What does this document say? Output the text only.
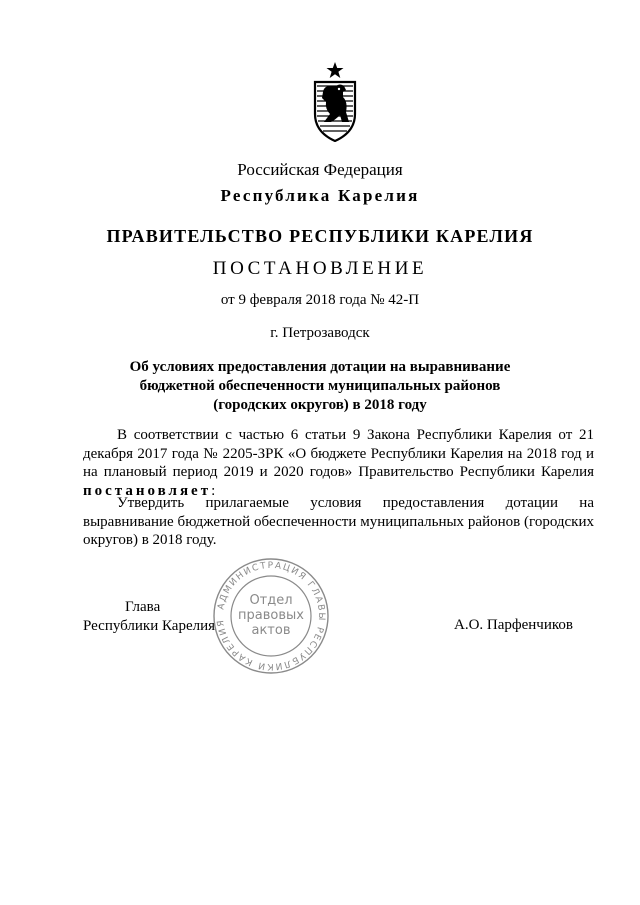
Российская Федерация
Республика Карелия
ПРАВИТЕЛЬСТВО РЕСПУБЛИКИ КАРЕЛИЯ
ПОСТАНОВЛЕНИЕ
от 9 февраля 2018 года № 42-П
г. Петрозаводск
Об условиях предоставления дотации на выравнивание
бюджетной обеспеченности муниципальных районов
(городских округов) в 2018 году
В соответствии с частью 6 статьи 9 Закона Республики Карелия от 21 декабря 2017 года № 2205-ЗРК «О бюджете Республики Карелия на 2018 год и на плановый период 2019 и 2020 годов» Правительство Республики Карелия постановляет:
Утвердить прилагаемые условия предоставления дотации на выравнивание бюджетной обеспеченности муниципальных районов (городских округов) в 2018 году.
Глава
Республики Карелия	А.О. Парфенчиков
АДМИНИСТРАЦИЯ ГЛАВЫ РЕСПУБЛИКИ КАРЕЛИЯ
Отдел
правовых
актов
